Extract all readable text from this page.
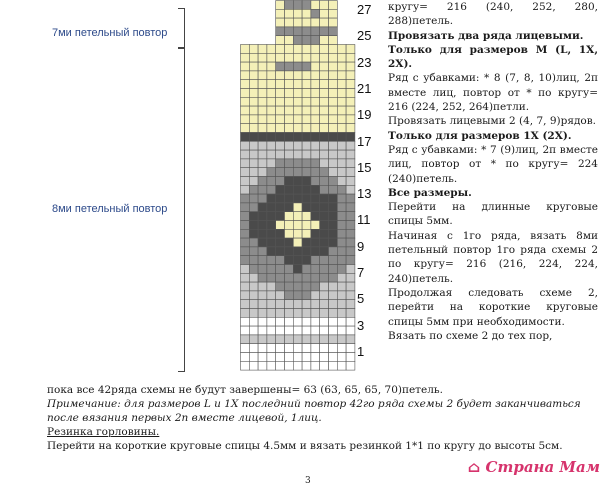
7ми петельный повтор
8ми петельный повтор
27
25
23
21
19
17
15
13
11
9
7
5
3
1
кругу= 216 (240, 252, 280, 288)петель.
Провязать два ряда лицевыми.
Только для размеров М (L, 1X, 2X).
Ряд с убавками: * 8 (7, 8, 10)лиц, 2п вместе лиц, повтор от * по кругу= 216 (224, 252, 264)петли.
Провязать лицевыми 2 (4, 7, 9)рядов.
Только для размеров 1Х (2Х).
Ряд с убавками: * 7 (9)лиц, 2п вместе лиц, повтор от * по кругу= 224 (240)петель.
Все размеры.
Перейти на длинные круговые спицы 5мм.
Начиная с 1го ряда, вязать 8ми петельный повтор 1го ряда схемы 2 по кругу= 216 (216, 224, 224, 240)петель.
Продолжая следовать схеме 2, перейти на короткие круговые спицы 5мм при необходимости.
Вязать по схеме 2 до тех пор,
пока все 42ряда схемы не будут завершены= 63 (63, 65, 65, 70)петель.
Примечание: для размеров L и 1X последний повтор 42го ряда схемы 2 будет заканчиваться после вязания первых 2п вместе лицевой, 1лиц.
Резинка горловины.
Перейти на короткие круговые спицы 4.5мм и вязать резинкой 1*1 по кругу до высоты 5см.
3
⌂ Страна Мам
